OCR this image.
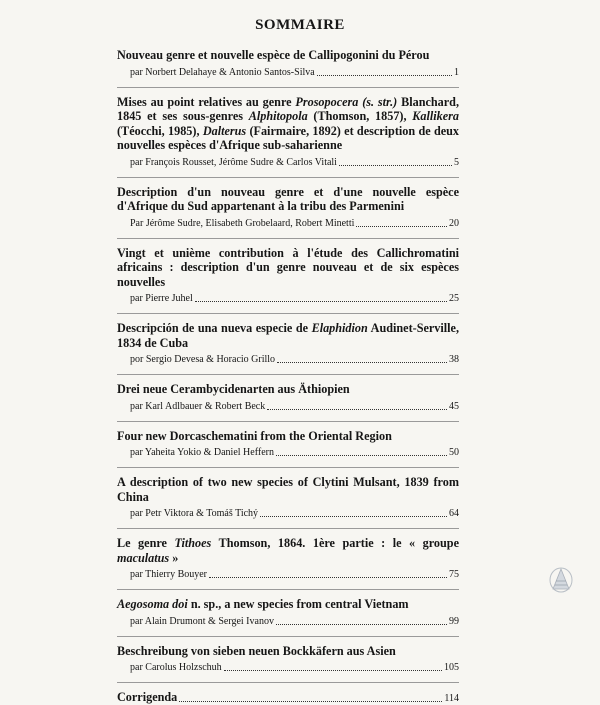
SOMMAIRE

Nouveau genre et nouvelle espèce de Callipogonini du Pérou

par Norbert Delahaye & Antonio Santos-Silva	1

Mises au point relatives au genre Prosopocera (s. str.) Blanchard, 1845 et ses sous-genres Alphitopola (Thomson, 1857), Kallikera (Téocchi, 1985), Dalterus (Fairmaire, 1892) et description de deux nouvelles espèces d'Afrique sub-saharienne

par François Rousset, Jérôme Sudre & Carlos Vitali	5

Description d'un nouveau genre et d'une nouvelle espèce d'Afrique du Sud appartenant à la tribu des Parmenini

Par Jérôme Sudre, Elisabeth Grobelaard, Robert Minetti	20

Vingt et unième contribution à l'étude des Callichromatini africains : description d'un genre nouveau et de six espèces nouvelles

par Pierre Juhel	25

Descripción de una nueva especie de Elaphidion Audinet-Serville, 1834 de Cuba

por Sergio Devesa & Horacio Grillo	38

Drei neue Cerambycidenarten aus Äthiopien

par Karl Adlbauer & Robert Beck	45

Four new Dorcaschematini from the Oriental Region

par Yaheita Yokio & Daniel Heffern	50

A description of two new species of Clytini Mulsant, 1839 from China

par Petr Viktora & Tomáš Tichý	64

Le genre Tithoes Thomson, 1864. 1ère partie : le « groupe maculatus »

par Thierry Bouyer	75

Aegosoma doi n. sp., a new species from central Vietnam

par Alain Drumont & Sergei Ivanov	99

Beschreibung von sieben neuen Bockkäfern aus Asien

par Carolus Holzschuh	105

Corrigenda	114
